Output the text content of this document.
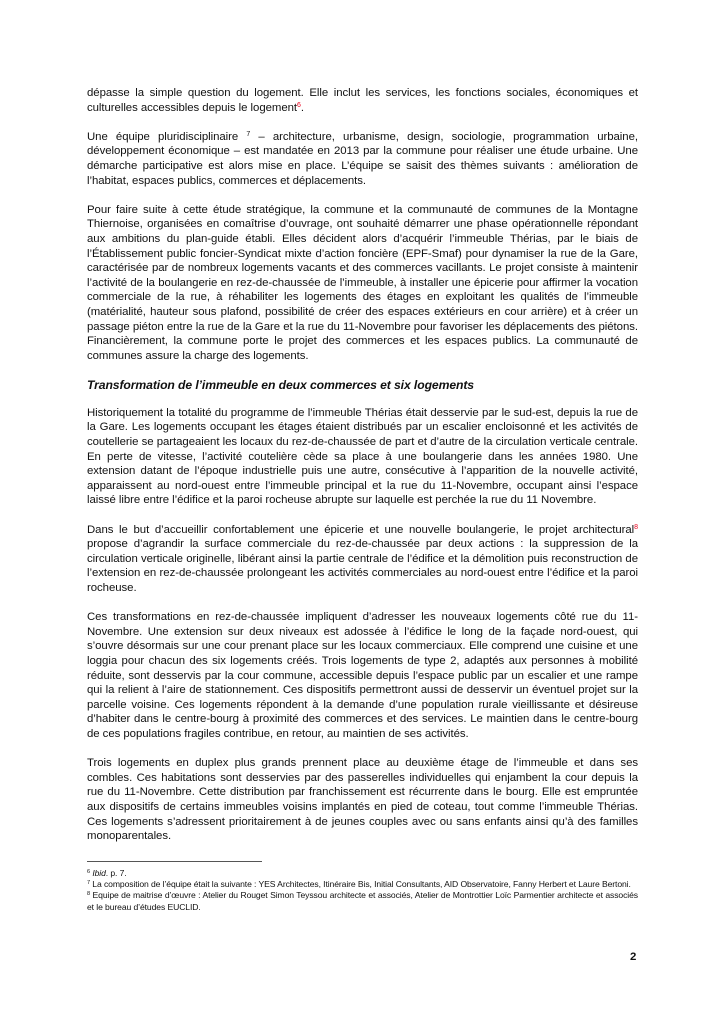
dépasse la simple question du logement. Elle inclut les services, les fonctions sociales, économiques et culturelles accessibles depuis le logement$^6$.

Une équipe pluridisciplinaire $^7$ – architecture, urbanisme, design, sociologie, programmation urbaine, développement économique – est mandatée en 2013 par la commune pour réaliser une étude urbaine. Une démarche participative est alors mise en place. L’équipe se saisit des thèmes suivants : amélioration de l’habitat, espaces publics, commerces et déplacements.

Pour faire suite à cette étude stratégique, la commune et la communauté de communes de la Montagne Thiernoise, organisées en comaîtrise d’ouvrage, ont souhaité démarrer une phase opérationnelle répondant aux ambitions du plan-guide établi. Elles décident alors d’acquérir l’immeuble Thérias, par le biais de l’Établissement public foncier-Syndicat mixte d’action foncière (EPF-Smaf) pour dynamiser la rue de la Gare, caractérisée par de nombreux logements vacants et des commerces vacillants. Le projet consiste à maintenir l’activité de la boulangerie en rez-de-chaussée de l’immeuble, à installer une épicerie pour affirmer la vocation commerciale de la rue, à réhabiliter les logements des étages en exploitant les qualités de l’immeuble (matérialité, hauteur sous plafond, possibilité de créer des espaces extérieurs en cour arrière) et à créer un passage piéton entre la rue de la Gare et la rue du 11-Novembre pour favoriser les déplacements des piétons. Financièrement, la commune porte le projet des commerces et les espaces publics. La communauté de communes assure la charge des logements.

Transformation de l’immeuble en deux commerces et six logements

Historiquement la totalité du programme de l’immeuble Thérias était desservie par le sud-est, depuis la rue de la Gare. Les logements occupant les étages étaient distribués par un escalier encloisonné et les activités de coutellerie se partageaient les locaux du rez-de-chaussée de part et d’autre de la circulation verticale centrale. En perte de vitesse, l’activité coutelière cède sa place à une boulangerie dans les années 1980. Une extension datant de l’époque industrielle puis une autre, consécutive à l’apparition de la nouvelle activité, apparaissent au nord-ouest entre l’immeuble principal et la rue du 11-Novembre, occupant ainsi l’espace laissé libre entre l’édifice et la paroi rocheuse abrupte sur laquelle est perchée la rue du 11 Novembre.

Dans le but d’accueillir confortablement une épicerie et une nouvelle boulangerie, le projet architectural$^8$ propose d’agrandir la surface commerciale du rez-de-chaussée par deux actions : la suppression de la circulation verticale originelle, libérant ainsi la partie centrale de l’édifice et la démolition puis reconstruction de l’extension en rez-de-chaussée prolongeant les activités commerciales au nord-ouest entre l’édifice et la paroi rocheuse.

Ces transformations en rez-de-chaussée impliquent d’adresser les nouveaux logements côté rue du 11-Novembre. Une extension sur deux niveaux est adossée à l’édifice le long de la façade nord-ouest, qui s’ouvre désormais sur une cour prenant place sur les locaux commerciaux. Elle comprend une cuisine et une loggia pour chacun des six logements créés. Trois logements de type 2, adaptés aux personnes à mobilité réduite, sont desservis par la cour commune, accessible depuis l’espace public par un escalier et une rampe qui la relient à l’aire de stationnement. Ces dispositifs permettront aussi de desservir un éventuel projet sur la parcelle voisine. Ces logements répondent à la demande d’une population rurale vieillissante et désireuse d’habiter dans le centre-bourg à proximité des commerces et des services. Le maintien dans le centre-bourg de ces populations fragiles contribue, en retour, au maintien de ses activités.

Trois logements en duplex plus grands prennent place au deuxième étage de l’immeuble et dans ses combles. Ces habitations sont desservies par des passerelles individuelles qui enjambent la cour depuis la rue du 11-Novembre. Cette distribution par franchissement est récurrente dans le bourg. Elle est empruntée aux dispositifs de certains immeubles voisins implantés en pied de coteau, tout comme l’immeuble Thérias. Ces logements s’adressent prioritairement à de jeunes couples avec ou sans enfants ainsi qu’à des familles monoparentales.

$^6$ Ibid. p. 7.

$^7$ La composition de l’équipe était la suivante : YES Architectes, Itinéraire Bis, Initial Consultants, AID Observatoire, Fanny Herbert et Laure Bertoni.

$^8$ Equipe de maitrise d’œuvre : Atelier du Rouget Simon Teyssou architecte et associés, Atelier de Montrottier Loïc Parmentier architecte et associés et le bureau d’études EUCLID.

2
